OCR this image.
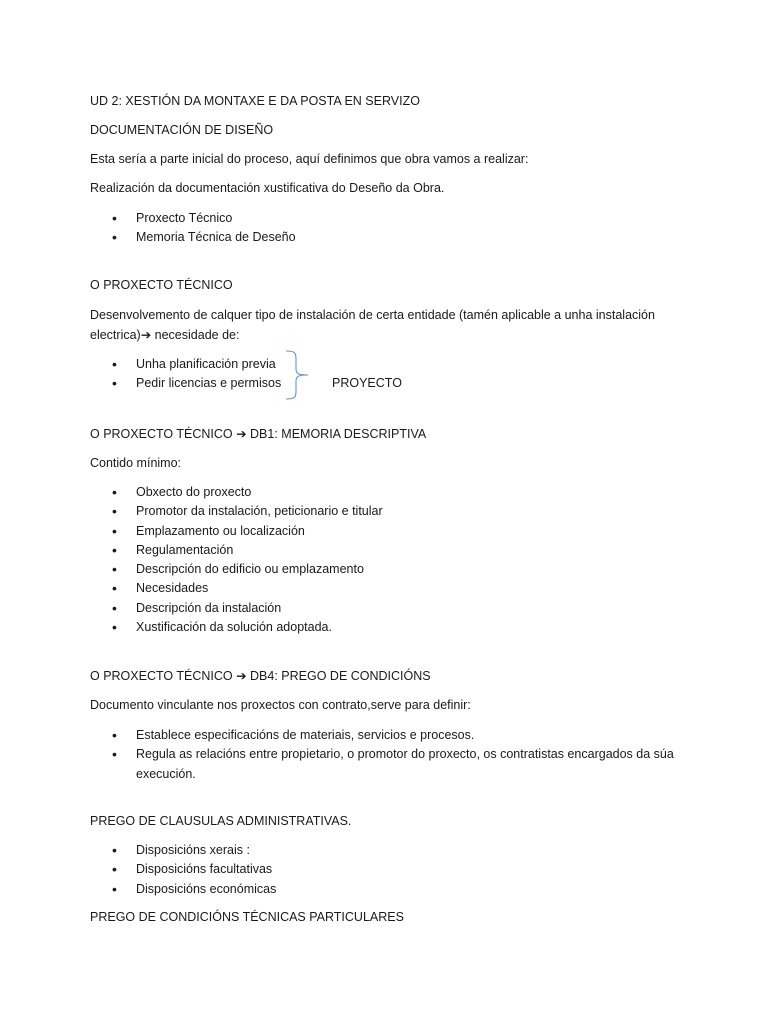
UD 2: XESTIÓN DA MONTAXE E DA POSTA EN SERVIZO
DOCUMENTACIÓN DE DISEÑO
Esta sería a parte inicial do proceso, aquí definimos que obra vamos a realizar:
Realización da documentación xustificativa do Deseño da Obra.
• Proxecto Técnico
• Memoria Técnica de Deseño
O PROXECTO TÉCNICO
Desenvolvemento de calquer tipo de instalación de certa entidade (tamén aplicable a unha instalación electrica)➔ necesidade de:
• Unha planificación previa
• Pedir licencias e permisos	PROYECTO
O PROXECTO TÉCNICO ➔ DB1: MEMORIA DESCRIPTIVA
Contido mínimo:
• Obxecto do proxecto
• Promotor da instalación, peticionario e titular
• Emplazamento ou localización
• Regulamentación
• Descripción do edificio ou emplazamento
• Necesidades
• Descripción da instalación
• Xustificación da solución adoptada.
O PROXECTO TÉCNICO ➔ DB4: PREGO DE CONDICIÓNS
Documento vinculante nos proxectos con contrato,serve para definir:
• Establece especificacións de materiais, servicios e procesos.
• Regula as relacións entre propietario, o promotor do proxecto, os contratistas encargados da súa execución.
PREGO DE CLAUSULAS ADMINISTRATIVAS.
• Disposicións xerais :
• Disposicións facultativas
• Disposicións económicas
PREGO DE CONDICIÓNS TÉCNICAS PARTICULARES
